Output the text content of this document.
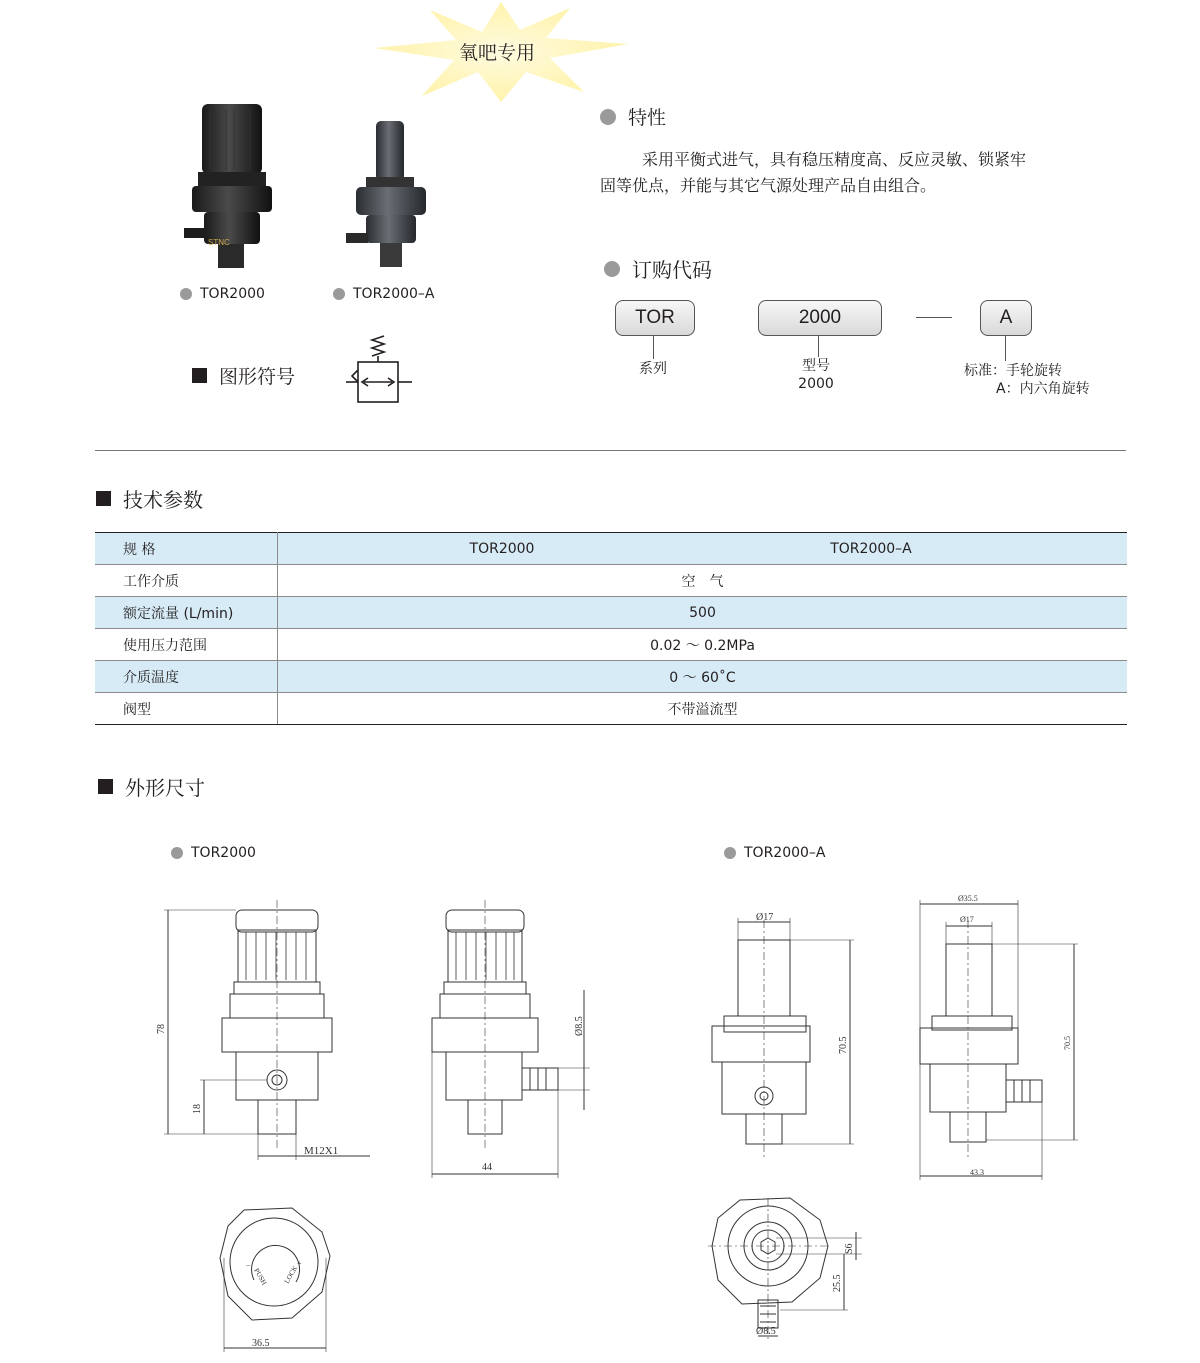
氧吧专用
STNC
TOR2000	TOR2000–A
图形符号
特性
采用平衡式进气，具有稳压精度高、反应灵敏、锁紧牢
固等优点，并能与其它气源处理产品自由组合。
订购代码
TOR	2000	A
系列	型号
2000
标准：手轮旋转
A：内六角旋转
技术参数
规 格	TOR2000 TOR2000–A

工作介质	空　气
额定流量 (L/min)	500
使用压力范围	0.02 ～ 0.2MPa
介质温度	0 ～ 60˚C
阀型	不带溢流型
外形尺寸
TOR2000	TOR2000–A
78
18
M12X1
44
Ø8.5
36.5
PUSH LOCK
−	+
Ø17
70.5
Ø35.5
Ø17
70.5
43.3
S6
25.5
Ø8.5
